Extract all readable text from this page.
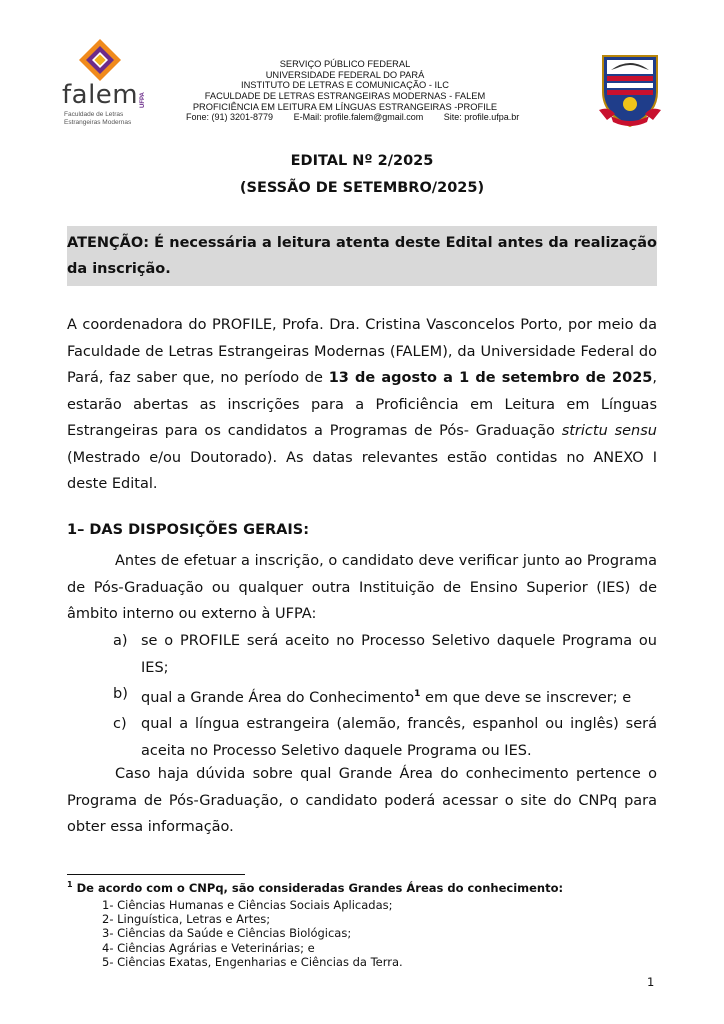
falem
Faculdade de Letras
Estrangeiras Modernas
UFPA
SERVIÇO PÚBLICO FEDERAL
UNIVERSIDADE FEDERAL DO PARÁ
INSTITUTO DE LETRAS E COMUNICAÇÃO - ILC
FACULDADE DE LETRAS ESTRANGEIRAS MODERNAS - FALEM
PROFICIÊNCIA EM LEITURA EM LÍNGUAS ESTRANGEIRAS -PROFILE
Fone: (91) 3201-8779 E-Mail: profile.falem@gmail.com Site: profile.ufpa.br
EDITAL Nº 2/2025
(SESSÃO DE SETEMBRO/2025)

ATENÇÃO: É necessária a leitura atenta deste Edital antes da realização da inscrição.

A coordenadora do PROFILE, Profa. Dra. Cristina Vasconcelos Porto, por meio da Faculdade de Letras Estrangeiras Modernas (FALEM), da Universidade Federal do Pará, faz saber que, no período de 13 de agosto a 1 de setembro de 2025, estarão abertas as inscrições para a Proficiência em Leitura em Línguas Estrangeiras para os candidatos a Programas de Pós- Graduação strictu sensu (Mestrado e/ou Doutorado). As datas relevantes estão contidas no ANEXO I deste Edital.

1– DAS DISPOSIÇÕES GERAIS:

Antes de efetuar a inscrição, o candidato deve verificar junto ao Programa de Pós-Graduação ou qualquer outra Instituição de Ensino Superior (IES) de âmbito interno ou externo à UFPA:

a) se o PROFILE será aceito no Processo Seletivo daquele Programa ou IES;
b) qual a Grande Área do Conhecimento$^1$ em que deve se inscrever; e
c) qual a língua estrangeira (alemão, francês, espanhol ou inglês) será aceita no Processo Seletivo daquele Programa ou IES.

Caso haja dúvida sobre qual Grande Área do conhecimento pertence o Programa de Pós-Graduação, o candidato poderá acessar o site do CNPq para obter essa informação.

$^1$ De acordo com o CNPq, são consideradas Grandes Áreas do conhecimento:
1- Ciências Humanas e Ciências Sociais Aplicadas;
2- Linguística, Letras e Artes;
3- Ciências da Saúde e Ciências Biológicas;
4- Ciências Agrárias e Veterinárias; e
5- Ciências Exatas, Engenharias e Ciências da Terra.
1
